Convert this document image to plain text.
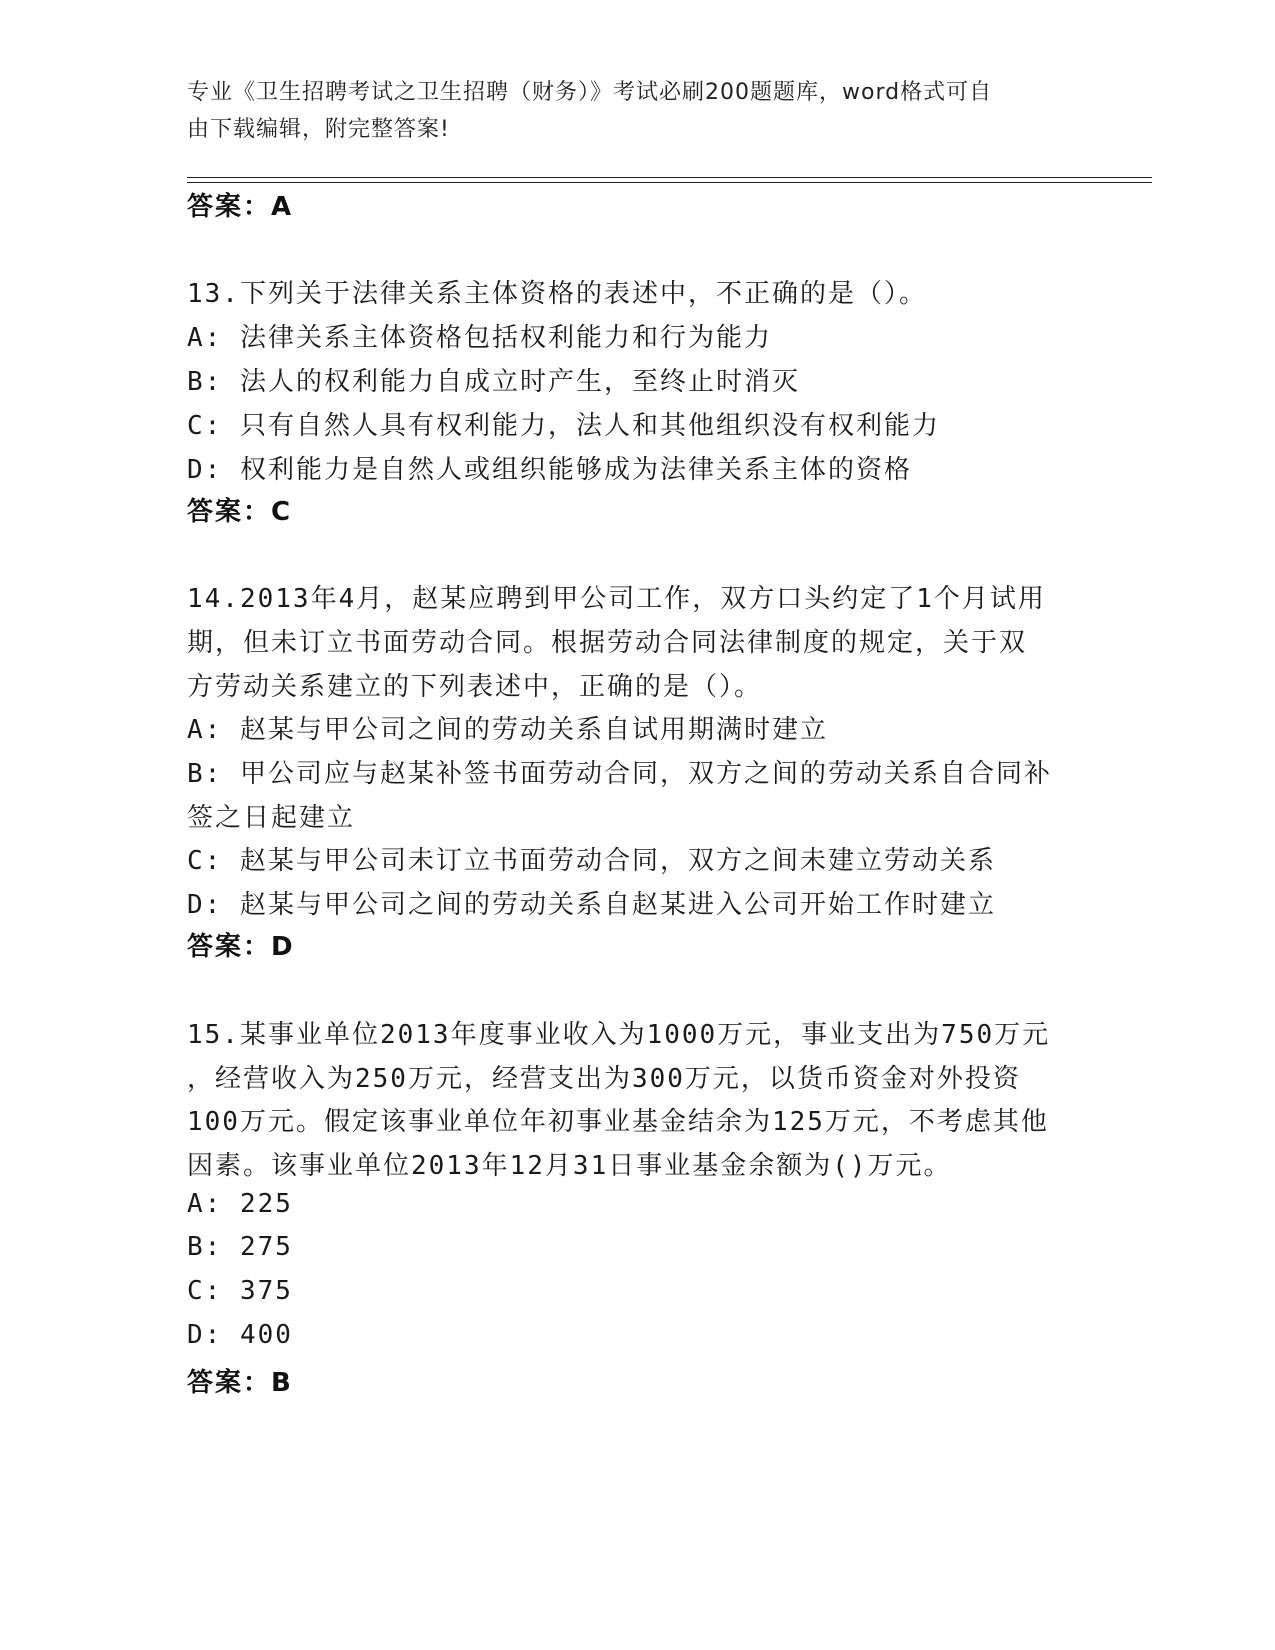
专业《卫生招聘考试之卫生招聘（财务）》考试必刷200题题库，word格式可自
由下载编辑，附完整答案!
答案：A
13.下列关于法律关系主体资格的表述中，不正确的是（）。
A: 法律关系主体资格包括权利能力和行为能力
B: 法人的权利能力自成立时产生，至终止时消灭
C: 只有自然人具有权利能力，法人和其他组织没有权利能力
D: 权利能力是自然人或组织能够成为法律关系主体的资格
答案：C
14.2013年4月，赵某应聘到甲公司工作，双方口头约定了1个月试用
期，但未订立书面劳动合同。根据劳动合同法律制度的规定，关于双
方劳动关系建立的下列表述中，正确的是（）。
A: 赵某与甲公司之间的劳动关系自试用期满时建立
B: 甲公司应与赵某补签书面劳动合同，双方之间的劳动关系自合同补
签之日起建立
C: 赵某与甲公司未订立书面劳动合同，双方之间未建立劳动关系
D: 赵某与甲公司之间的劳动关系自赵某进入公司开始工作时建立
答案：D
15.某事业单位2013年度事业收入为1000万元，事业支出为750万元
，经营收入为250万元，经营支出为300万元，以货币资金对外投资
100万元。假定该事业单位年初事业基金结余为125万元，不考虑其他
因素。该事业单位2013年12月31日事业基金余额为()万元。
A: 225
B: 275
C: 375
D: 400
答案：B
